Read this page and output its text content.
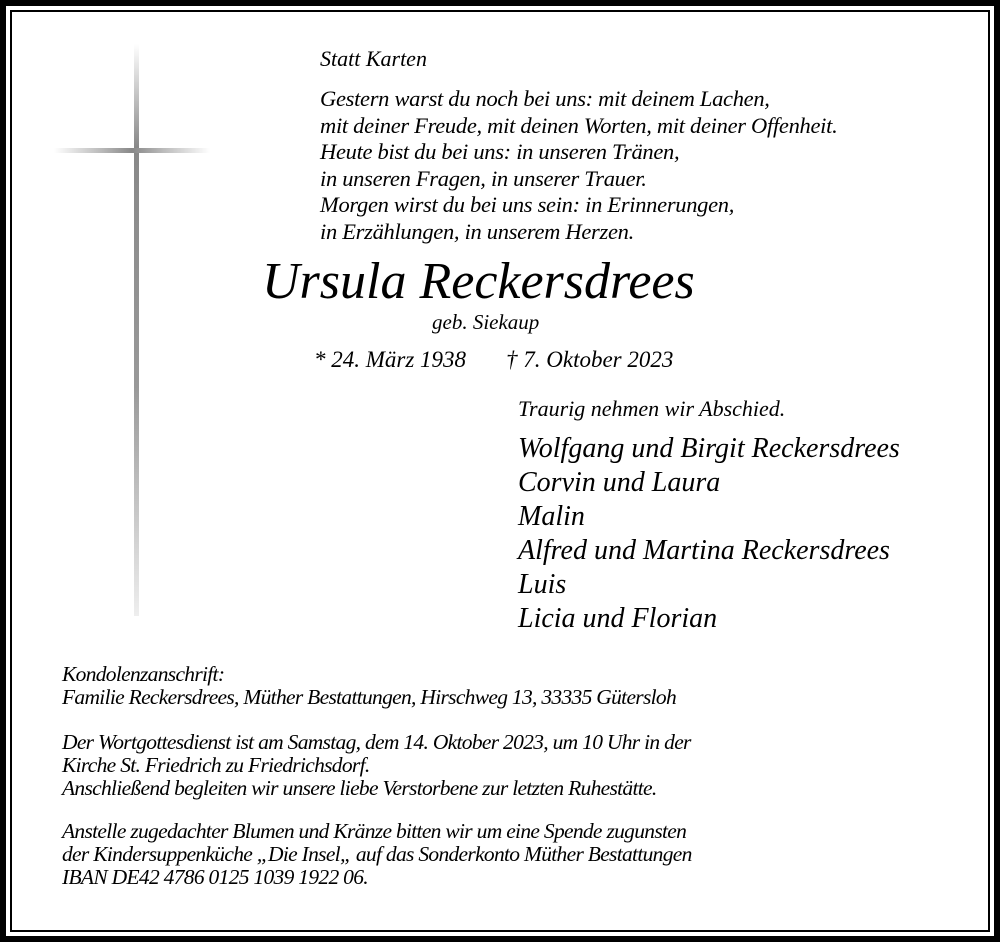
Statt Karten
Gestern warst du noch bei uns: mit deinem Lachen,
mit deiner Freude, mit deinen Worten, mit deiner Offenheit.
Heute bist du bei uns: in unseren Tränen,
in unseren Fragen, in unserer Trauer.
Morgen wirst du bei uns sein: in Erinnerungen,
in Erzählungen, in unserem Herzen.
Ursula Reckersdrees
geb. Siekaup
* 24. März 1938 † 7. Oktober 2023
Traurig nehmen wir Abschied.
Wolfgang und Birgit Reckersdrees
Corvin und Laura
Malin
Alfred und Martina Reckersdrees
Luis
Licia und Florian
Kondolenzanschrift:
Familie Reckersdrees, Müther Bestattungen, Hirschweg 13, 33335 Gütersloh
Der Wortgottesdienst ist am Samstag, dem 14. Oktober 2023, um 10 Uhr in der
Kirche St. Friedrich zu Friedrichsdorf.
Anschließend begleiten wir unsere liebe Verstorbene zur letzten Ruhestätte.
Anstelle zugedachter Blumen und Kränze bitten wir um eine Spende zugunsten
der Kindersuppenküche „Die Insel„ auf das Sonderkonto Müther Bestattungen
IBAN DE42 4786 0125 1039 1922 06.
